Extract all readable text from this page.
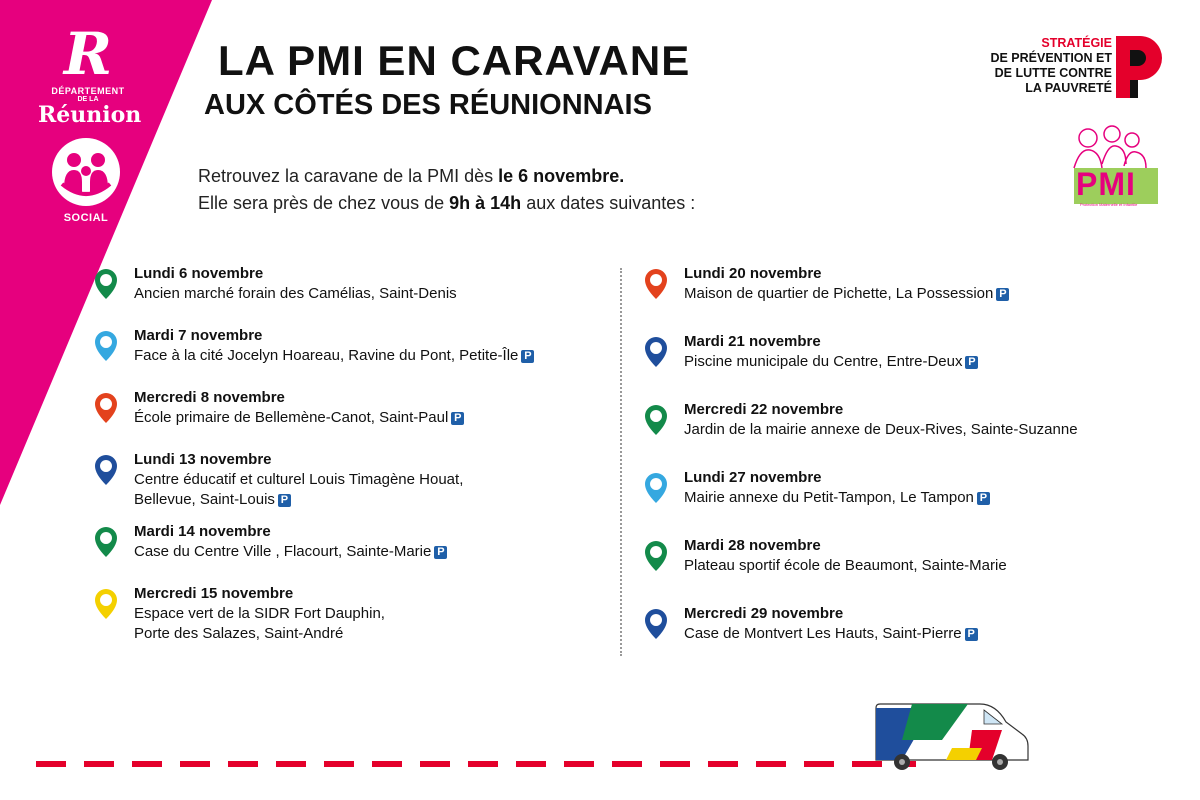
R
DÉPARTEMENT
DE LA
Réunion
SOCIAL
LA PMI EN CARAVANE
AUX CÔTÉS DES RÉUNIONNAIS
STRATÉGIE
DE PRÉVENTION ET
DE LUTTE CONTRE
LA PAUVRETÉ
PMI
Protection Maternelle et Infantile
Retrouvez la caravane de la PMI dès le 6 novembre.
Elle sera près de chez vous de 9h à 14h aux dates suivantes :
Lundi 6 novembre
Ancien marché forain des Camélias, Saint-Denis
Mardi 7 novembre
Face à la cité Jocelyn Hoareau, Ravine du Pont, Petite-Île P
Mercredi 8 novembre
École primaire de Bellemène-Canot, Saint-Paul P
Lundi 13 novembre
Centre éducatif et culturel Louis Timagène Houat,
Bellevue, Saint-Louis P
Mardi 14 novembre
Case du Centre Ville , Flacourt, Sainte-Marie P
Mercredi 15 novembre
Espace vert de la SIDR Fort Dauphin,
Porte des Salazes, Saint-André
Lundi 20 novembre
Maison de quartier de Pichette, La Possession P
Mardi 21 novembre
Piscine municipale du Centre, Entre-Deux P
Mercredi 22 novembre
Jardin de la mairie annexe de Deux-Rives, Sainte-Suzanne
Lundi 27 novembre
Mairie annexe du Petit-Tampon, Le Tampon P
Mardi 28 novembre
Plateau sportif école de Beaumont, Sainte-Marie
Mercredi 29 novembre
Case de Montvert Les Hauts, Saint-Pierre P
